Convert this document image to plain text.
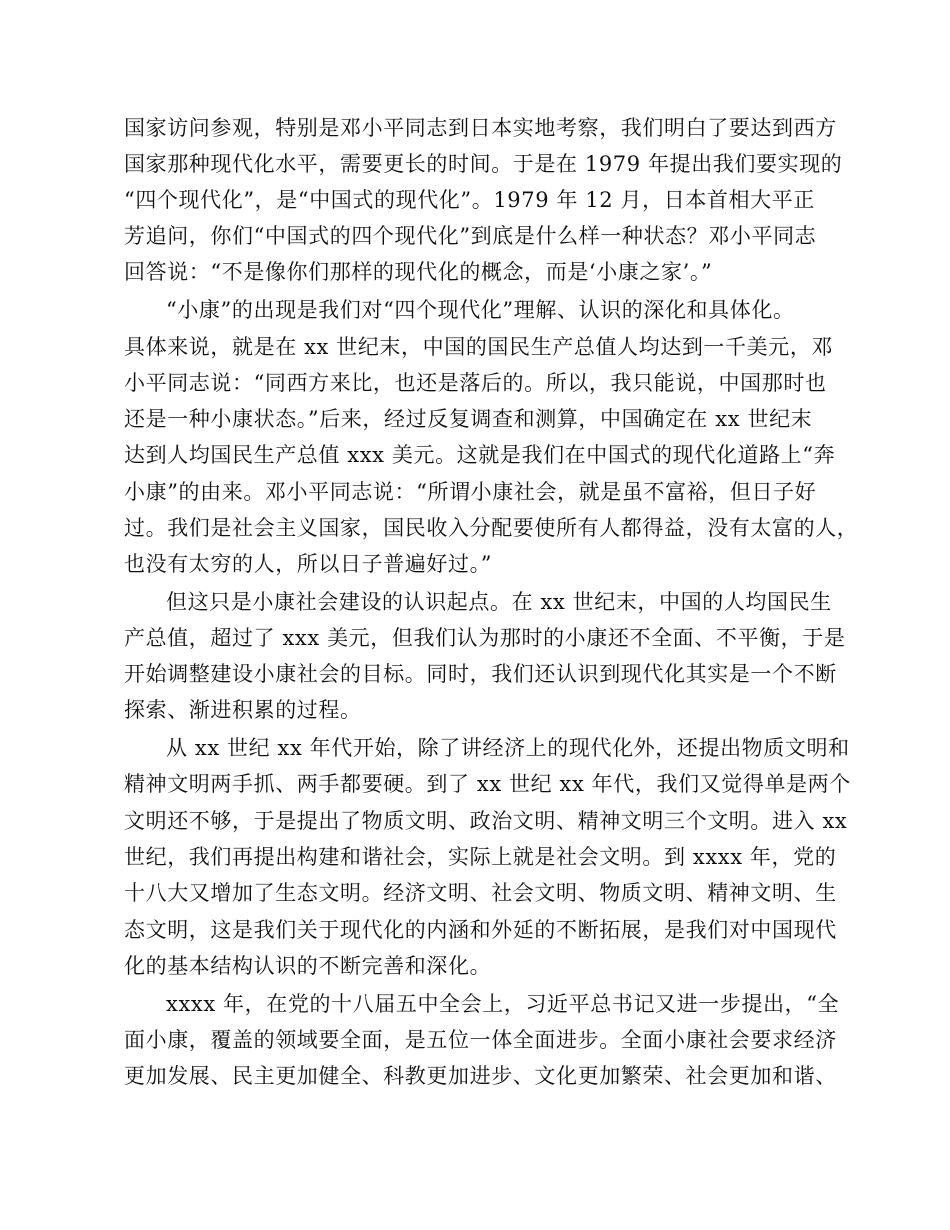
国家访问参观，特别是邓小平同志到日本实地考察，我们明白了要达到西方
国家那种现代化水平，需要更长的时间。于是在 1979 年提出我们要实现的
“四个现代化”，是“中国式的现代化”。1979 年 12 月，日本首相大平正
芳追问，你们“中国式的四个现代化”到底是什么样一种状态？邓小平同志
回答说：“不是像你们那样的现代化的概念，而是‘小康之家’。”
“小康”的出现是我们对“四个现代化”理解、认识的深化和具体化。
具体来说，就是在 xx 世纪末，中国的国民生产总值人均达到一千美元，邓
小平同志说：“同西方来比，也还是落后的。所以，我只能说，中国那时也
还是一种小康状态。”后来，经过反复调查和测算，中国确定在 xx 世纪末
达到人均国民生产总值 xxx 美元。这就是我们在中国式的现代化道路上“奔
小康”的由来。邓小平同志说：“所谓小康社会，就是虽不富裕，但日子好
过。我们是社会主义国家，国民收入分配要使所有人都得益，没有太富的人，
也没有太穷的人，所以日子普遍好过。”
但这只是小康社会建设的认识起点。在 xx 世纪末，中国的人均国民生
产总值，超过了 xxx 美元，但我们认为那时的小康还不全面、不平衡，于是
开始调整建设小康社会的目标。同时，我们还认识到现代化其实是一个不断
探索、渐进积累的过程。
从 xx 世纪 xx 年代开始，除了讲经济上的现代化外，还提出物质文明和
精神文明两手抓、两手都要硬。到了 xx 世纪 xx 年代，我们又觉得单是两个
文明还不够，于是提出了物质文明、政治文明、精神文明三个文明。进入 xx
世纪，我们再提出构建和谐社会，实际上就是社会文明。到 xxxx 年，党的
十八大又增加了生态文明。经济文明、社会文明、物质文明、精神文明、生
态文明，这是我们关于现代化的内涵和外延的不断拓展，是我们对中国现代
化的基本结构认识的不断完善和深化。
xxxx 年，在党的十八届五中全会上，习近平总书记又进一步提出，“全
面小康，覆盖的领域要全面，是五位一体全面进步。全面小康社会要求经济
更加发展、民主更加健全、科教更加进步、文化更加繁荣、社会更加和谐、
